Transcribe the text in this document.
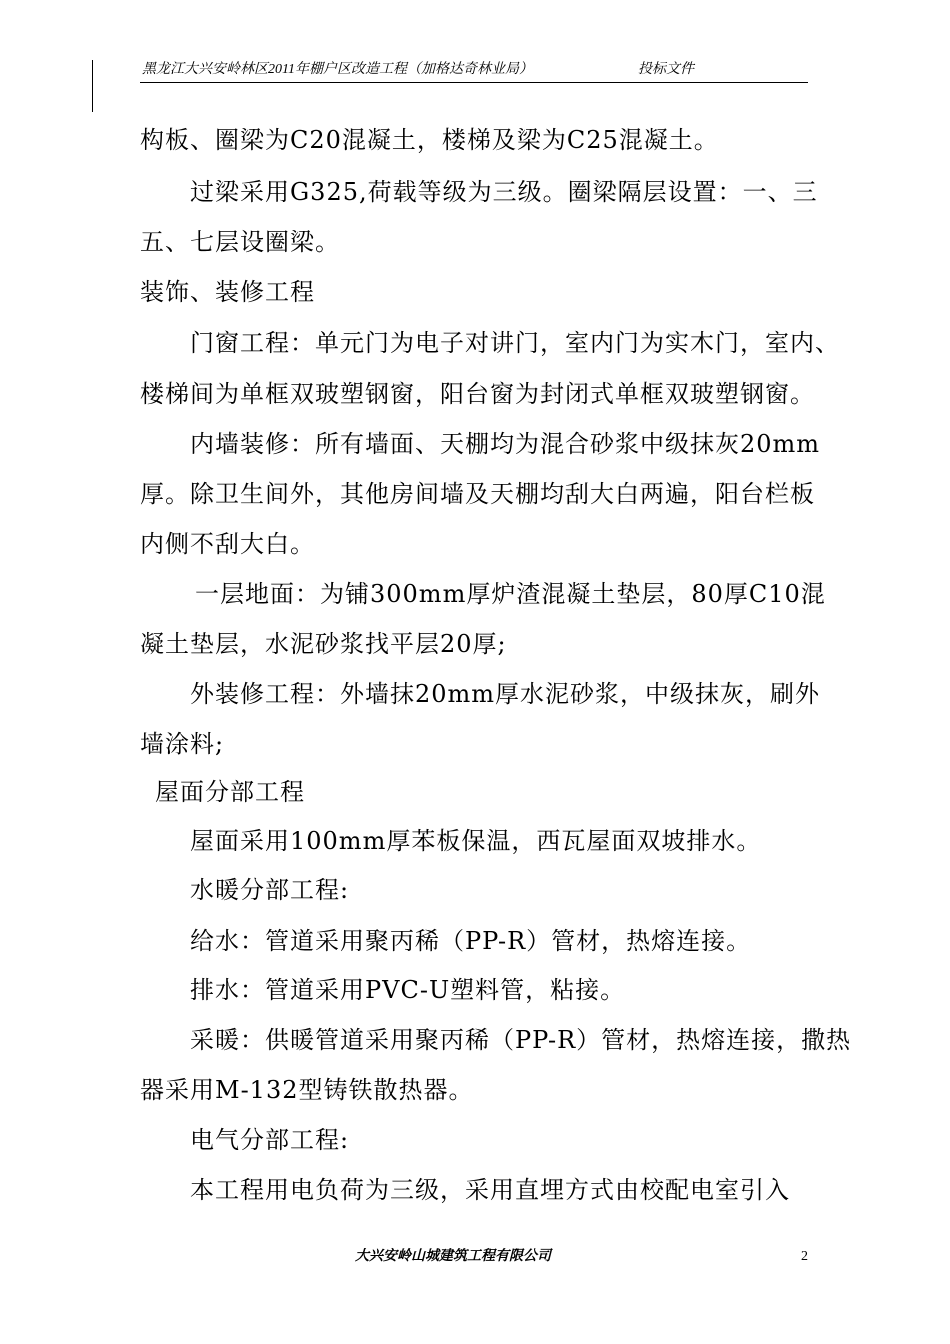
黑龙江大兴安岭林区2011年棚户区改造工程（加格达奇林业局）	投标文件
构板、圈梁为C20混凝土，楼梯及梁为C25混凝土。
过梁采用G325,荷载等级为三级。圈梁隔层设置：一、三
五、七层设圈梁。
装饰、装修工程
门窗工程：单元门为电子对讲门，室内门为实木门，室内、
楼梯间为单框双玻塑钢窗，阳台窗为封闭式单框双玻塑钢窗。
内墙装修：所有墙面、天棚均为混合砂浆中级抹灰20mm
厚。除卫生间外，其他房间墙及天棚均刮大白两遍，阳台栏板
内侧不刮大白。
一层地面：为铺300mm厚炉渣混凝土垫层，80厚C10混
凝土垫层，水泥砂浆找平层20厚;
外装修工程：外墙抹20mm厚水泥砂浆，中级抹灰，刷外
墙涂料;
屋面分部工程
屋面采用100mm厚苯板保温，西瓦屋面双坡排水。
水暖分部工程:
给水：管道采用聚丙稀（PP-R）管材，热熔连接。
排水：管道采用PVC-U塑料管，粘接。
采暖：供暖管道采用聚丙稀（PP-R）管材，热熔连接，撒热
器采用M-132型铸铁散热器。
电气分部工程:
本工程用电负荷为三级，采用直埋方式由校配电室引入
大兴安岭山城建筑工程有限公司	2
